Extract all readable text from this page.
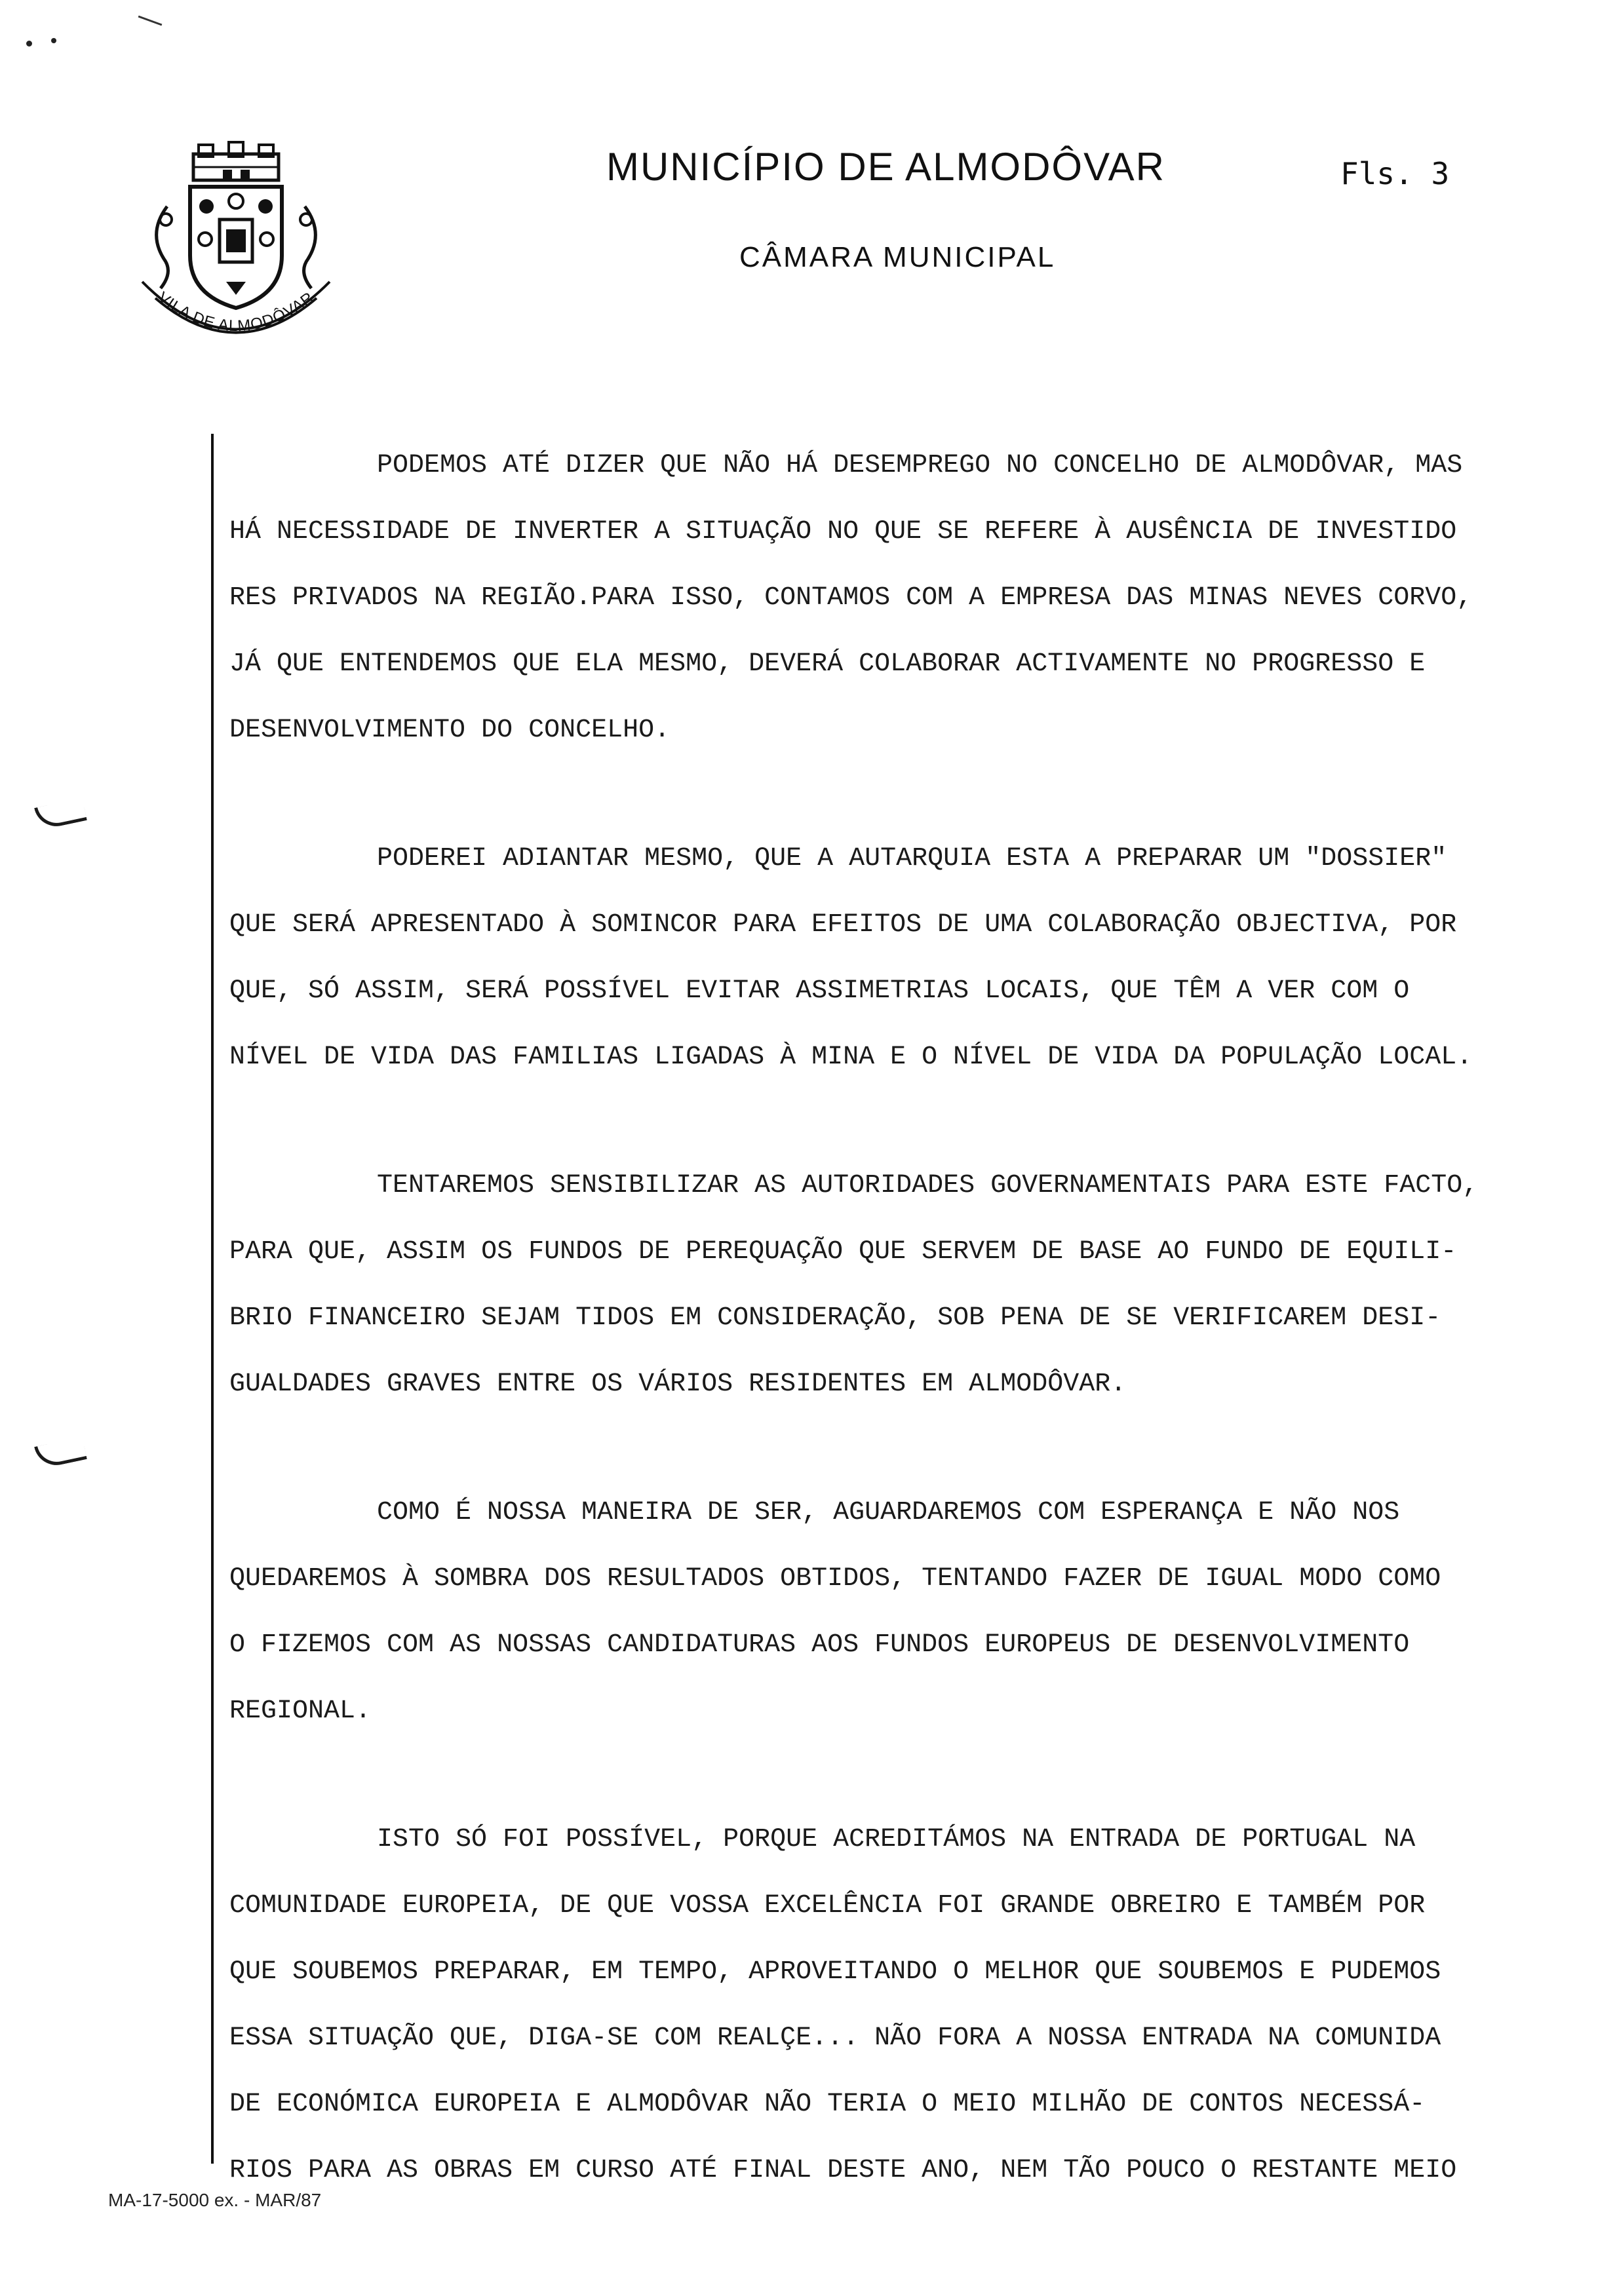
VILA DE ALMODÔVAR
MUNICÍPIO DE ALMODÔVAR	Fls. 3
CÂMARA MUNICIPAL
PODEMOS ATÉ DIZER QUE NÃO HÁ DESEMPREGO NO CONCELHO DE ALMODÔVAR, MAS
HÁ NECESSIDADE DE INVERTER A SITUAÇÃO NO QUE SE REFERE À AUSÊNCIA DE INVESTIDO
RES PRIVADOS NA REGIÃO.PARA ISSO, CONTAMOS COM A EMPRESA DAS MINAS NEVES CORVO,
JÁ QUE ENTENDEMOS QUE ELA MESMO, DEVERÁ COLABORAR ACTIVAMENTE NO PROGRESSO E
DESENVOLVIMENTO DO CONCELHO.
PODEREI ADIANTAR MESMO, QUE A AUTARQUIA ESTA A PREPARAR UM "DOSSIER"
QUE SERÁ APRESENTADO À SOMINCOR PARA EFEITOS DE UMA COLABORAÇÃO OBJECTIVA, POR
QUE, SÓ ASSIM, SERÁ POSSÍVEL EVITAR ASSIMETRIAS LOCAIS, QUE TÊM A VER COM O
NÍVEL DE VIDA DAS FAMILIAS LIGADAS À MINA E O NÍVEL DE VIDA DA POPULAÇÃO LOCAL.
TENTAREMOS SENSIBILIZAR AS AUTORIDADES GOVERNAMENTAIS PARA ESTE FACTO,
PARA QUE, ASSIM OS FUNDOS DE PEREQUAÇÃO QUE SERVEM DE BASE AO FUNDO DE EQUILI-
BRIO FINANCEIRO SEJAM TIDOS EM CONSIDERAÇÃO, SOB PENA DE SE VERIFICAREM DESI-
GUALDADES GRAVES ENTRE OS VÁRIOS RESIDENTES EM ALMODÔVAR.
COMO É NOSSA MANEIRA DE SER, AGUARDAREMOS COM ESPERANÇA E NÃO NOS
QUEDAREMOS À SOMBRA DOS RESULTADOS OBTIDOS, TENTANDO FAZER DE IGUAL MODO COMO
O FIZEMOS COM AS NOSSAS CANDIDATURAS AOS FUNDOS EUROPEUS DE DESENVOLVIMENTO
REGIONAL.
ISTO SÓ FOI POSSÍVEL, PORQUE ACREDITÁMOS NA ENTRADA DE PORTUGAL NA
COMUNIDADE EUROPEIA, DE QUE VOSSA EXCELÊNCIA FOI GRANDE OBREIRO E TAMBÉM POR
QUE SOUBEMOS PREPARAR, EM TEMPO, APROVEITANDO O MELHOR QUE SOUBEMOS E PUDEMOS
ESSA SITUAÇÃO QUE, DIGA-SE COM REALÇE... NÃO FORA A NOSSA ENTRADA NA COMUNIDA
DE ECONÓMICA EUROPEIA E ALMODÔVAR NÃO TERIA O MEIO MILHÃO DE CONTOS NECESSÁ-
RIOS PARA AS OBRAS EM CURSO ATÉ FINAL DESTE ANO, NEM TÃO POUCO O RESTANTE MEIO
MA-17-5000 ex. - MAR/87
